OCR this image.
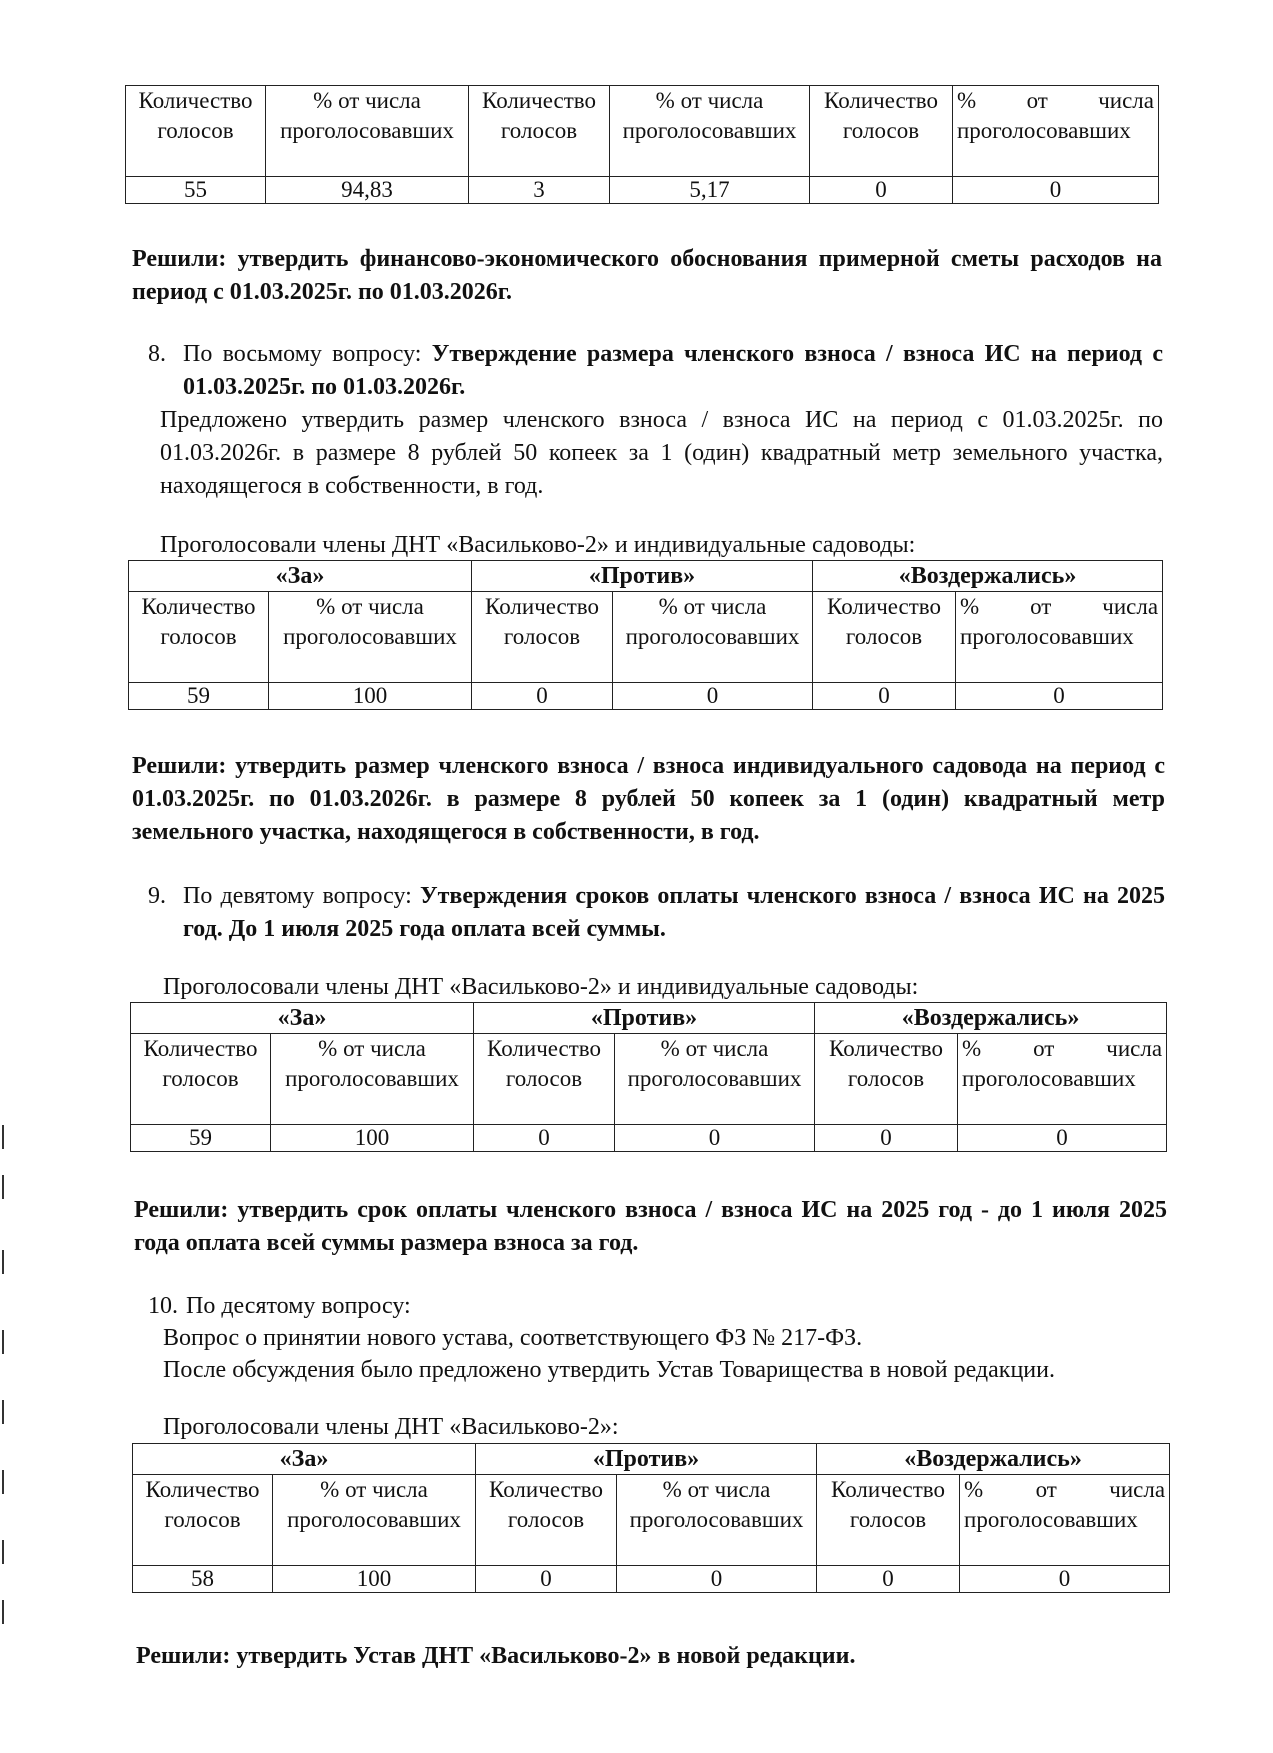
Количество голосов	% от числа проголосовавших	Количество голосов	% от числа проголосовавших	Количество голосов	% от числа проголосовавших
55	94,83	3	5,17	0	0
Решили: утвердить финансово-экономического обоснования примерной сметы расходов на период с 01.03.2025г. по 01.03.2026г.
8. По восьмому вопросу: Утверждение размера членского взноса / взноса ИС на период с 01.03.2025г. по 01.03.2026г.
Предложено утвердить размер членского взноса / взноса ИС на период с 01.03.2025г. по 01.03.2026г. в размере 8 рублей 50 копеек за 1 (один) квадратный метр земельного участка, находящегося в собственности, в год.
Проголосовали члены ДНТ «Васильково-2» и индивидуальные садоводы:
«За»		«Против»		«Воздержались»	
Количество голосов	% от числа проголосовавших	Количество голосов	% от числа проголосовавших	Количество голосов	% от числа проголосовавших
59	100	0	0	0	0
Решили: утвердить размер членского взноса / взноса индивидуального садовода на период с 01.03.2025г. по 01.03.2026г. в размере 8 рублей 50 копеек за 1 (один) квадратный метр земельного участка, находящегося в собственности, в год.
9. По девятому вопросу: Утверждения сроков оплаты членского взноса / взноса ИС на 2025 год. До 1 июля 2025 года оплата всей суммы.
Проголосовали члены ДНТ «Васильково-2» и индивидуальные садоводы:
«За»		«Против»		«Воздержались»	
Количество голосов	% от числа проголосовавших	Количество голосов	% от числа проголосовавших	Количество голосов	% от числа проголосовавших
59	100	0	0	0	0
Решили: утвердить срок оплаты членского взноса / взноса ИС на 2025 год - до 1 июля 2025 года оплата всей суммы размера взноса за год.
10. По десятому вопросу:
Вопрос о принятии нового устава, соответствующего ФЗ № 217-ФЗ.
После обсуждения было предложено утвердить Устав Товарищества в новой редакции.
Проголосовали члены ДНТ «Васильково-2»:
«За»		«Против»		«Воздержались»	
Количество голосов	% от числа проголосовавших	Количество голосов	% от числа проголосовавших	Количество голосов	% от числа проголосовавших
58	100	0	0	0	0
Решили: утвердить Устав ДНТ «Васильково-2» в новой редакции.
